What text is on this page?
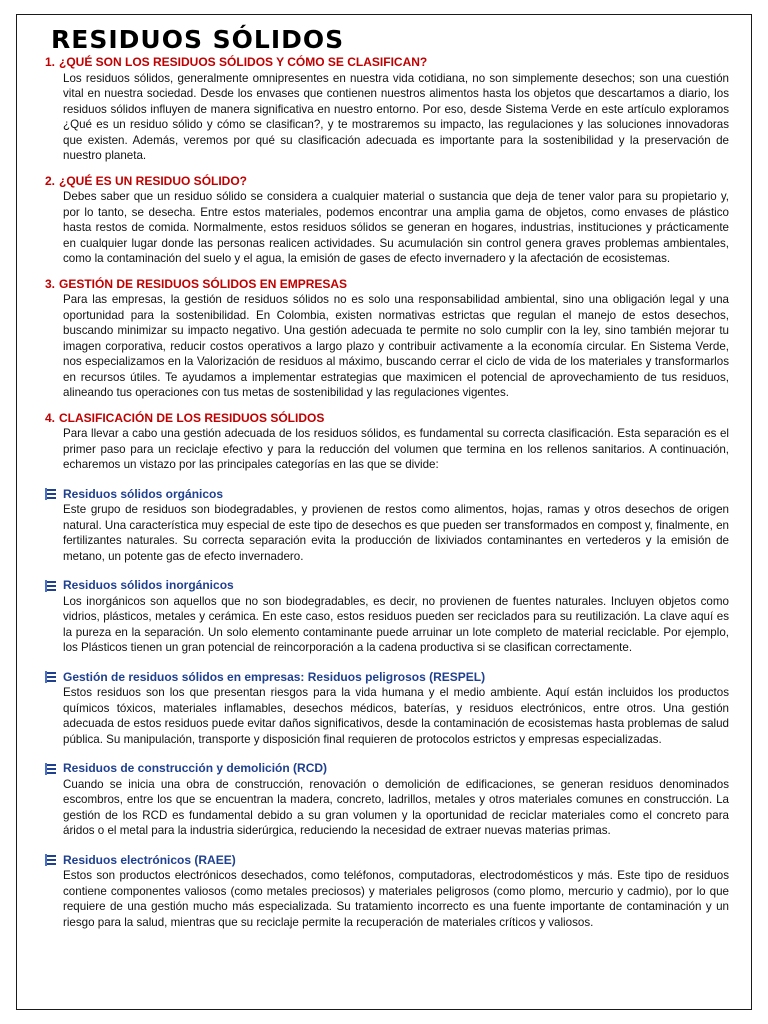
RESIDUOS SÓLIDOS
1. ¿QUÉ SON LOS RESIDUOS SÓLIDOS Y CÓMO SE CLASIFICAN?

Los residuos sólidos, generalmente omnipresentes en nuestra vida cotidiana, no son simplemente desechos; son una cuestión vital en nuestra sociedad. Desde los envases que contienen nuestros alimentos hasta los objetos que descartamos a diario, los residuos sólidos influyen de manera significativa en nuestro entorno. Por eso, desde Sistema Verde en este artículo exploramos ¿Qué es un residuo sólido y cómo se clasifican?, y te mostraremos su impacto, las regulaciones y las soluciones innovadoras que existen. Además, veremos por qué su clasificación adecuada es importante para la sostenibilidad y la preservación de nuestro planeta.

2. ¿QUÉ ES UN RESIDUO SÓLIDO?

Debes saber que un residuo sólido se considera a cualquier material o sustancia que deja de tener valor para su propietario y, por lo tanto, se desecha. Entre estos materiales, podemos encontrar una amplia gama de objetos, como envases de plástico hasta restos de comida. Normalmente, estos residuos sólidos se generan en hogares, industrias, instituciones y prácticamente en cualquier lugar donde las personas realicen actividades. Su acumulación sin control genera graves problemas ambientales, como la contaminación del suelo y el agua, la emisión de gases de efecto invernadero y la afectación de ecosistemas.

3. GESTIÓN DE RESIDUOS SÓLIDOS EN EMPRESAS

Para las empresas, la gestión de residuos sólidos no es solo una responsabilidad ambiental, sino una obligación legal y una oportunidad para la sostenibilidad. En Colombia, existen normativas estrictas que regulan el manejo de estos desechos, buscando minimizar su impacto negativo. Una gestión adecuada te permite no solo cumplir con la ley, sino también mejorar tu imagen corporativa, reducir costos operativos a largo plazo y contribuir activamente a la economía circular. En Sistema Verde, nos especializamos en la Valorización de residuos al máximo, buscando cerrar el ciclo de vida de los materiales y transformarlos en recursos útiles. Te ayudamos a implementar estrategias que maximicen el potencial de aprovechamiento de tus residuos, alineando tus operaciones con tus metas de sostenibilidad y las regulaciones vigentes.

4. CLASIFICACIÓN DE LOS RESIDUOS SÓLIDOS

Para llevar a cabo una gestión adecuada de los residuos sólidos, es fundamental su correcta clasificación. Esta separación es el primer paso para un reciclaje efectivo y para la reducción del volumen que termina en los rellenos sanitarios. A continuación, echaremos un vistazo por las principales categorías en las que se divide:

Residuos sólidos orgánicos

Este grupo de residuos son biodegradables, y provienen de restos como alimentos, hojas, ramas y otros desechos de origen natural. Una característica muy especial de este tipo de desechos es que pueden ser transformados en compost y, finalmente, en fertilizantes naturales. Su correcta separación evita la producción de lixiviados contaminantes en vertederos y la emisión de metano, un potente gas de efecto invernadero.

Residuos sólidos inorgánicos

Los inorgánicos son aquellos que no son biodegradables, es decir, no provienen de fuentes naturales. Incluyen objetos como vidrios, plásticos, metales y cerámica. En este caso, estos residuos pueden ser reciclados para su reutilización. La clave aquí es la pureza en la separación. Un solo elemento contaminante puede arruinar un lote completo de material reciclable. Por ejemplo, los Plásticos tienen un gran potencial de reincorporación a la cadena productiva si se clasifican correctamente.

Gestión de residuos sólidos en empresas: Residuos peligrosos (RESPEL)

Estos residuos son los que presentan riesgos para la vida humana y el medio ambiente. Aquí están incluidos los productos químicos tóxicos, materiales inflamables, desechos médicos, baterías, y residuos electrónicos, entre otros. Una gestión adecuada de estos residuos puede evitar daños significativos, desde la contaminación de ecosistemas hasta problemas de salud pública. Su manipulación, transporte y disposición final requieren de protocolos estrictos y empresas especializadas.

Residuos de construcción y demolición (RCD)

Cuando se inicia una obra de construcción, renovación o demolición de edificaciones, se generan residuos denominados escombros, entre los que se encuentran la madera, concreto, ladrillos, metales y otros materiales comunes en construcción. La gestión de los RCD es fundamental debido a su gran volumen y la oportunidad de reciclar materiales como el concreto para áridos o el metal para la industria siderúrgica, reduciendo la necesidad de extraer nuevas materias primas.

Residuos electrónicos (RAEE)

Estos son productos electrónicos desechados, como teléfonos, computadoras, electrodomésticos y más. Este tipo de residuos contiene componentes valiosos (como metales preciosos) y materiales peligrosos (como plomo, mercurio y cadmio), por lo que requiere de una gestión mucho más especializada. Su tratamiento incorrecto es una fuente importante de contaminación y un riesgo para la salud, mientras que su reciclaje permite la recuperación de materiales críticos y valiosos.
